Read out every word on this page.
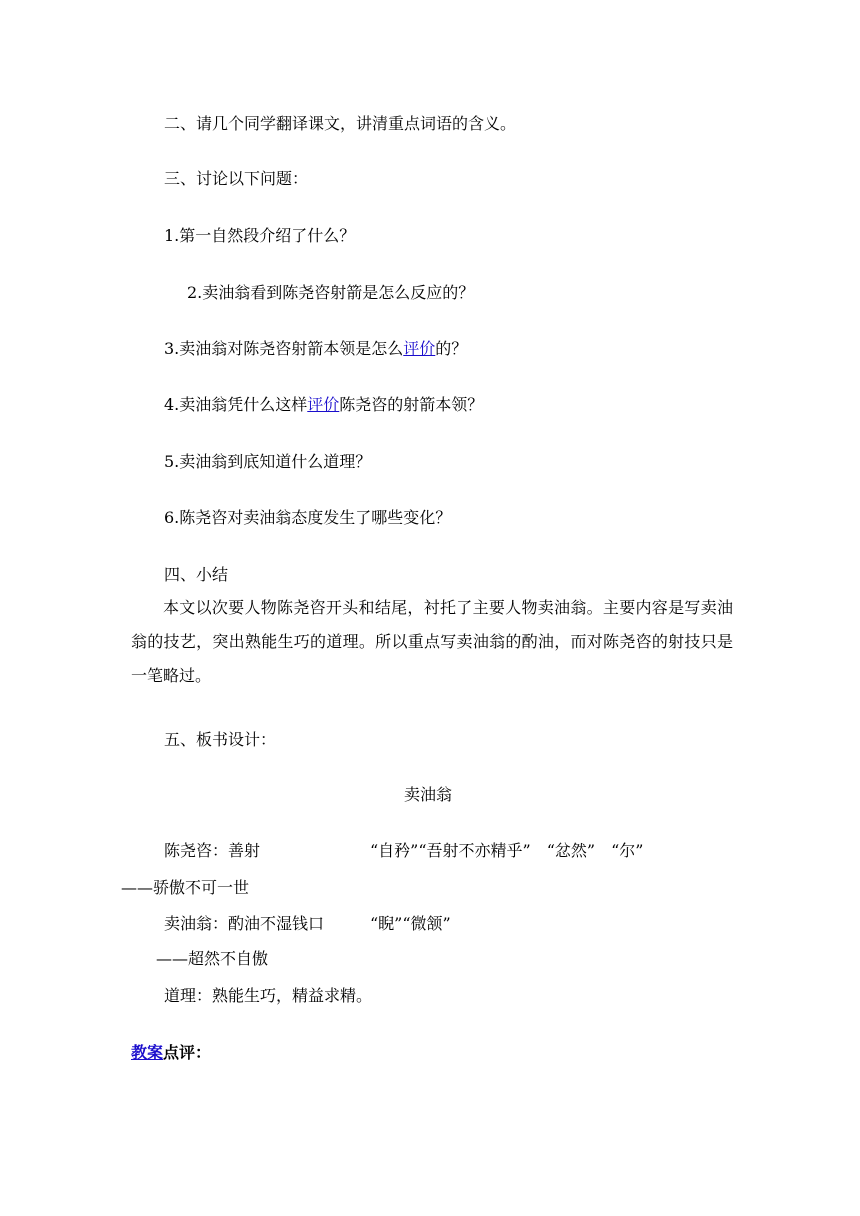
二、请几个同学翻译课文，讲清重点词语的含义。

三、讨论以下问题：

1.第一自然段介绍了什么？

2.卖油翁看到陈尧咨射箭是怎么反应的？

3.卖油翁对陈尧咨射箭本领是怎么评价的？

4.卖油翁凭什么这样评价陈尧咨的射箭本领？

5.卖油翁到底知道什么道理？

6.陈尧咨对卖油翁态度发生了哪些变化？

四、小结

本文以次要人物陈尧咨开头和结尾，衬托了主要人物卖油翁。主要内容是写卖油翁的技艺，突出熟能生巧的道理。所以重点写卖油翁的酌油，而对陈尧咨的射技只是一笔略过。

五、板书设计：

卖油翁

陈尧咨：善射	“自矜”“吾射不亦精乎”　“忿然”　“尔”

——骄傲不可一世

卖油翁：酌油不湿钱口	“睨”“微颔”

——超然不自傲

道理：熟能生巧，精益求精。

教案点评：
